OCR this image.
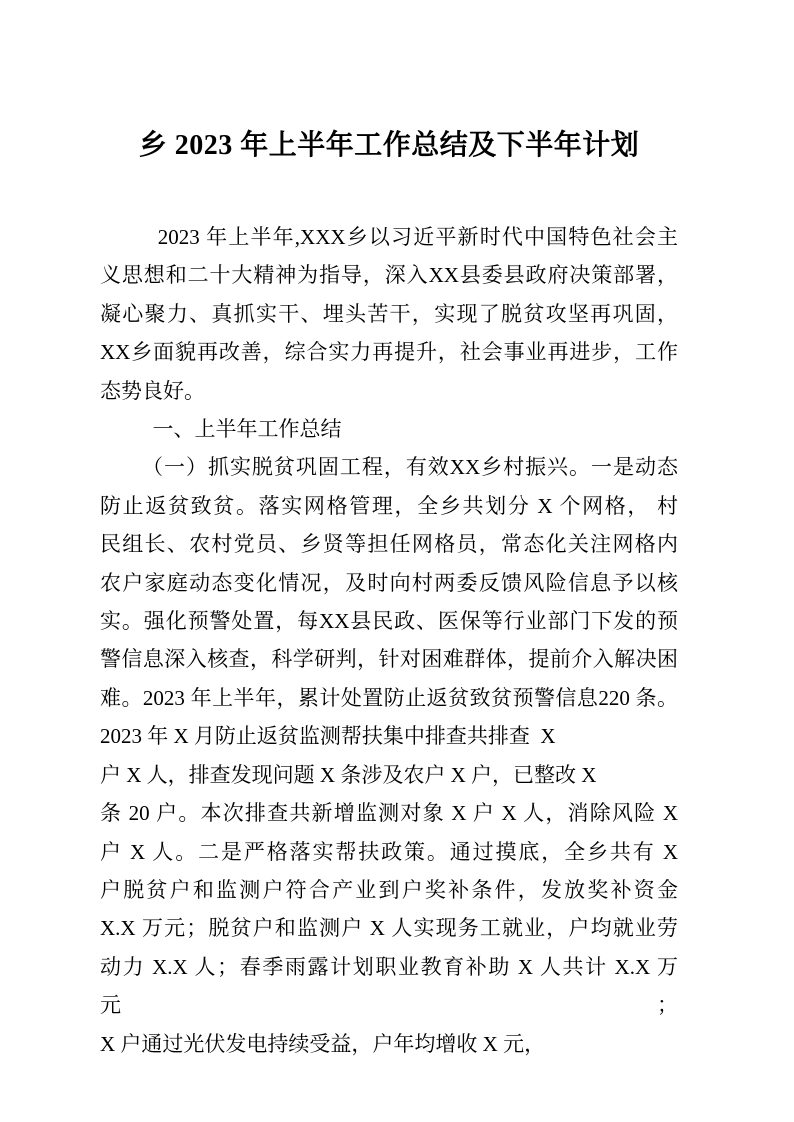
乡 2023 年上半年工作总结及下半年计划
2023 年上半年,XXX乡以习近平新时代中国特色社会主
义思想和二十大精神为指导，深入XX县委县政府决策部署，
凝心聚力、真抓实干、埋头苦干，实现了脱贫攻坚再巩固，
XX乡面貌再改善，综合实力再提升，社会事业再进步，工作
态势良好。
一、上半年工作总结
（一）抓实脱贫巩固工程，有效XX乡村振兴。一是动态
防止返贫致贫。落实网格管理，全乡共划分 X 个网格， 村
民组长、农村党员、乡贤等担任网格员，常态化关注网格内
农户家庭动态变化情况，及时向村两委反馈风险信息予以核
实。强化预警处置，每XX县民政、医保等行业部门下发的预
警信息深入核查，科学研判，针对困难群体，提前介入解决困
难。2023 年上半年，累计处置防止返贫致贫预警信息220 条。
2023 年 X 月防止返贫监测帮扶集中排查共排查  X
户 X 人，排查发现问题 X 条涉及农户 X 户，已整改 X
条 20 户。本次排查共新增监测对象 X 户 X 人，消除风险 X
户 X 人。二是严格落实帮扶政策。通过摸底，全乡共有 X
户脱贫户和监测户符合产业到户奖补条件，发放奖补资金
X.X 万元；脱贫户和监测户 X 人实现务工就业，户均就业劳
动力 X.X 人；春季雨露计划职业教育补助 X 人共计 X.X 万元；
X 户通过光伏发电持续受益，户年均增收 X 元，
